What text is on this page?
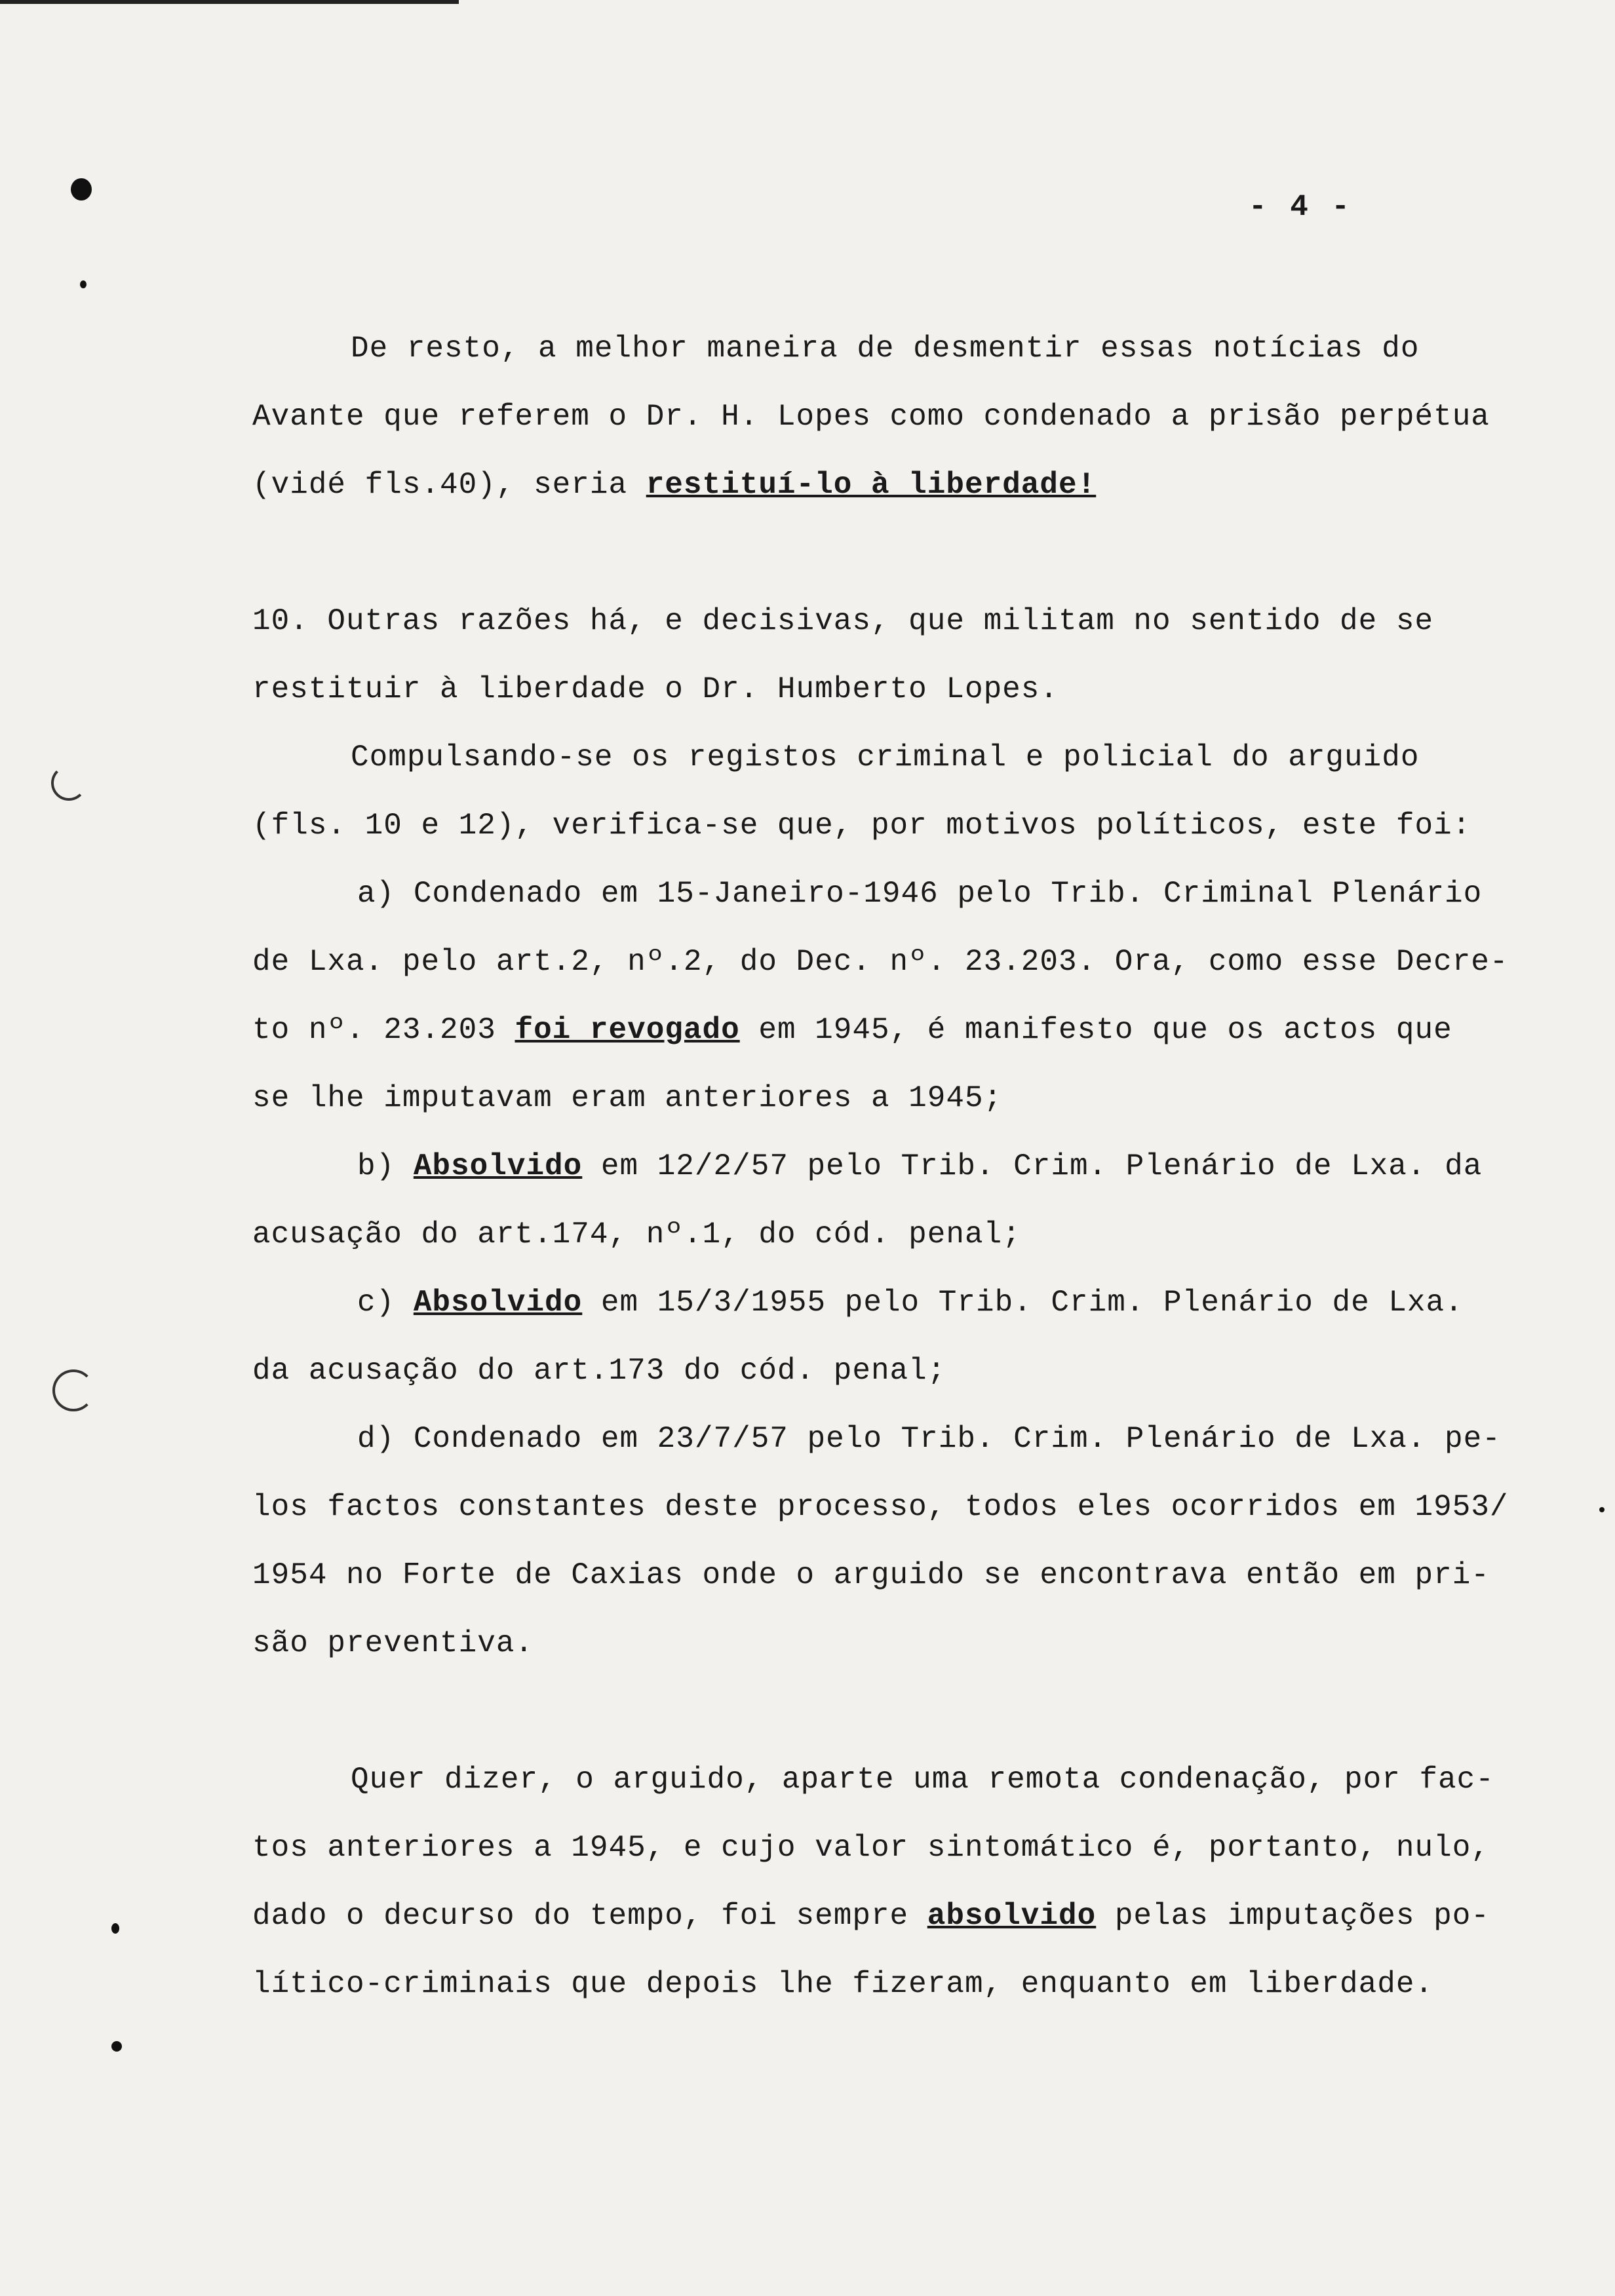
- 4 -

De resto, a melhor maneira de desmentir essas notícias do

Avante que referem o Dr. H. Lopes como condenado a prisão perpétua

(vidé fls.40), seria restituí-lo à liberdade!

10. Outras razões há, e decisivas, que militam no sentido de se

restituir à liberdade o Dr. Humberto Lopes.

Compulsando-se os registos criminal e policial do arguido

(fls. 10 e 12), verifica-se que, por motivos políticos, este foi:

a) Condenado em 15-Janeiro-1946 pelo Trib. Criminal Plenário

de Lxa. pelo art.2, nº.2, do Dec. nº. 23.203. Ora, como esse Decre-

to nº. 23.203 foi revogado em 1945, é manifesto que os actos que

se lhe imputavam eram anteriores a 1945;

b) Absolvido em 12/2/57 pelo Trib. Crim. Plenário de Lxa. da

acusação do art.174, nº.1, do cód. penal;

c) Absolvido em 15/3/1955 pelo Trib. Crim. Plenário de Lxa.

da acusação do art.173 do cód. penal;

d) Condenado em 23/7/57 pelo Trib. Crim. Plenário de Lxa. pe-

los factos constantes deste processo, todos eles ocorridos em 1953/

1954 no Forte de Caxias onde o arguido se encontrava então em pri-

são preventiva.

Quer dizer, o arguido, aparte uma remota condenação, por fac-

tos anteriores a 1945, e cujo valor sintomático é, portanto, nulo,

dado o decurso do tempo, foi sempre absolvido pelas imputações po-

lítico-criminais que depois lhe fizeram, enquanto em liberdade.
